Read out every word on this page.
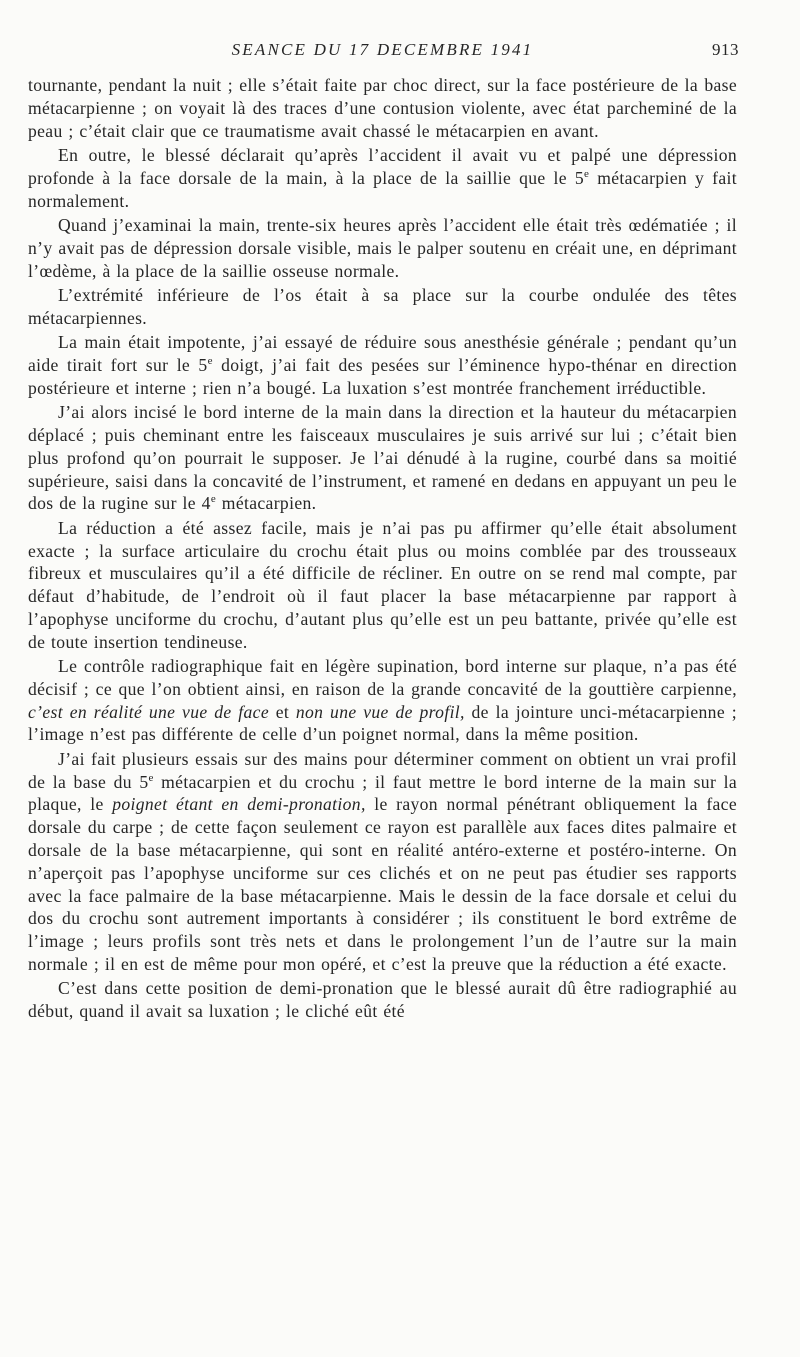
SEANCE DU 17 DECEMBRE 1941	913

tournante, pendant la nuit ; elle s’était faite par choc direct, sur la face postérieure de la base métacarpienne ; on voyait là des traces d’une contusion violente, avec état parcheminé de la peau ; c’était clair que ce traumatisme avait chassé le métacarpien en avant.

En outre, le blessé déclarait qu’après l’accident il avait vu et palpé une dépression profonde à la face dorsale de la main, à la place de la saillie que le 5e métacarpien y fait normalement.

Quand j’examinai la main, trente-six heures après l’accident elle était très œdématiée ; il n’y avait pas de dépression dorsale visible, mais le palper soutenu en créait une, en déprimant l’œdème, à la place de la saillie osseuse normale.

L’extrémité inférieure de l’os était à sa place sur la courbe ondulée des têtes métacarpiennes.

La main était impotente, j’ai essayé de réduire sous anesthésie générale ; pendant qu’un aide tirait fort sur le 5e doigt, j’ai fait des pesées sur l’éminence hypo-thénar en direction postérieure et interne ; rien n’a bougé. La luxation s’est montrée franchement irréductible.

J’ai alors incisé le bord interne de la main dans la direction et la hauteur du métacarpien déplacé ; puis cheminant entre les faisceaux musculaires je suis arrivé sur lui ; c’était bien plus profond qu’on pourrait le supposer. Je l’ai dénudé à la rugine, courbé dans sa moitié supérieure, saisi dans la concavité de l’instrument, et ramené en dedans en appuyant un peu le dos de la rugine sur le 4e métacarpien.

La réduction a été assez facile, mais je n’ai pas pu affirmer qu’elle était absolument exacte ; la surface articulaire du crochu était plus ou moins comblée par des trousseaux fibreux et musculaires qu’il a été difficile de récliner. En outre on se rend mal compte, par défaut d’habitude, de l’endroit où il faut placer la base métacarpienne par rapport à l’apophyse unciforme du crochu, d’autant plus qu’elle est un peu battante, privée qu’elle est de toute insertion tendineuse.

Le contrôle radiographique fait en légère supination, bord interne sur plaque, n’a pas été décisif ; ce que l’on obtient ainsi, en raison de la grande concavité de la gouttière carpienne, c’est en réalité une vue de face et non une vue de profil, de la jointure unci-métacarpienne ; l’image n’est pas différente de celle d’un poignet normal, dans la même position.

J’ai fait plusieurs essais sur des mains pour déterminer comment on obtient un vrai profil de la base du 5e métacarpien et du crochu ; il faut mettre le bord interne de la main sur la plaque, le poignet étant en demi-pronation, le rayon normal pénétrant obliquement la face dorsale du carpe ; de cette façon seulement ce rayon est parallèle aux faces dites palmaire et dorsale de la base métacarpienne, qui sont en réalité antéro-externe et postéro-interne. On n’aperçoit pas l’apophyse unciforme sur ces clichés et on ne peut pas étudier ses rapports avec la face palmaire de la base métacarpienne. Mais le dessin de la face dorsale et celui du dos du crochu sont autrement importants à considérer ; ils constituent le bord extrême de l’image ; leurs profils sont très nets et dans le prolongement l’un de l’autre sur la main normale ; il en est de même pour mon opéré, et c’est la preuve que la réduction a été exacte.

C’est dans cette position de demi-pronation que le blessé aurait dû être radiographié au début, quand il avait sa luxation ; le cliché eût été
